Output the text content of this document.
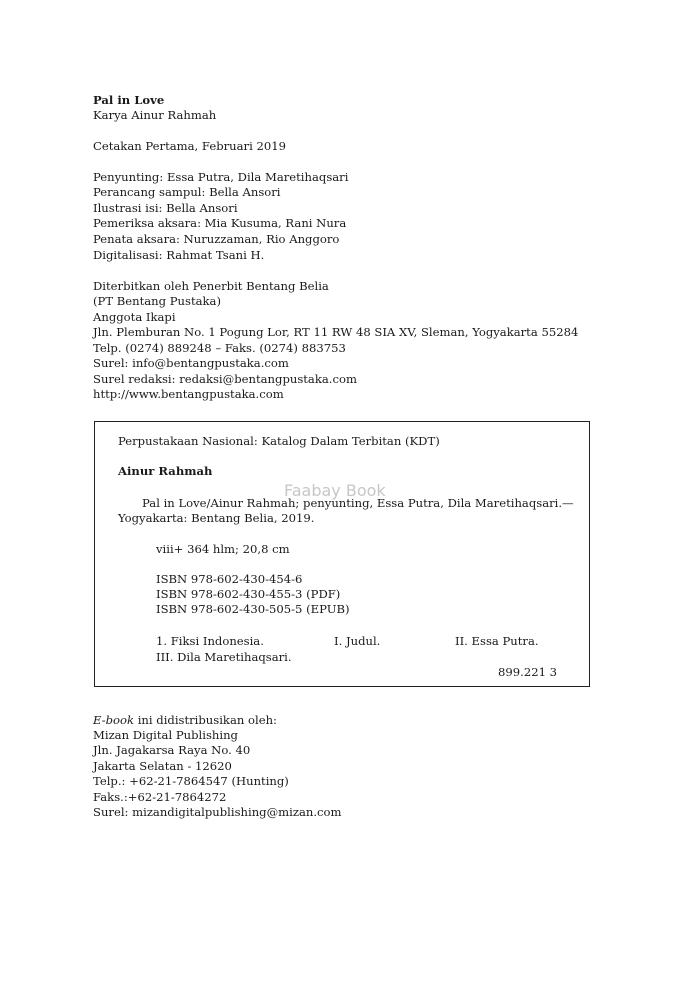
Pal in Love
Karya Ainur Rahmah
Cetakan Pertama, Februari 2019
Penyunting: Essa Putra, Dila Maretihaqsari
Perancang sampul: Bella Ansori
Ilustrasi isi: Bella Ansori
Pemeriksa aksara: Mia Kusuma, Rani Nura
Penata aksara: Nuruzzaman, Rio Anggoro
Digitalisasi: Rahmat Tsani H.
Diterbitkan oleh Penerbit Bentang Belia
(PT Bentang Pustaka)
Anggota Ikapi
Jln. Plemburan No. 1 Pogung Lor, RT 11 RW 48 SIA XV, Sleman, Yogyakarta 55284
Telp. (0274) 889248 – Faks. (0274) 883753
Surel: info@bentangpustaka.com
Surel redaksi: redaksi@bentangpustaka.com
http://www.bentangpustaka.com
Perpustakaan Nasional: Katalog Dalam Terbitan (KDT)
Ainur Rahmah
Pal in Love/Ainur Rahmah; penyunting, Essa Putra, Dila Maretihaqsari.—
Yogyakarta: Bentang Belia, 2019.
viii+ 364 hlm; 20,8 cm
ISBN 978-602-430-454-6
ISBN 978-602-430-455-3 (PDF)
ISBN 978-602-430-505-5 (EPUB)
1. Fiksi Indonesia.	I. Judul.	II. Essa Putra.
III. Dila Maretihaqsari.
899.221 3
Faabay Book
E-book ini didistribusikan oleh:
Mizan Digital Publishing
Jln. Jagakarsa Raya No. 40
Jakarta Selatan - 12620
Telp.: +62-21-7864547 (Hunting)
Faks.:+62-21-7864272
Surel: mizandigitalpublishing@mizan.com
